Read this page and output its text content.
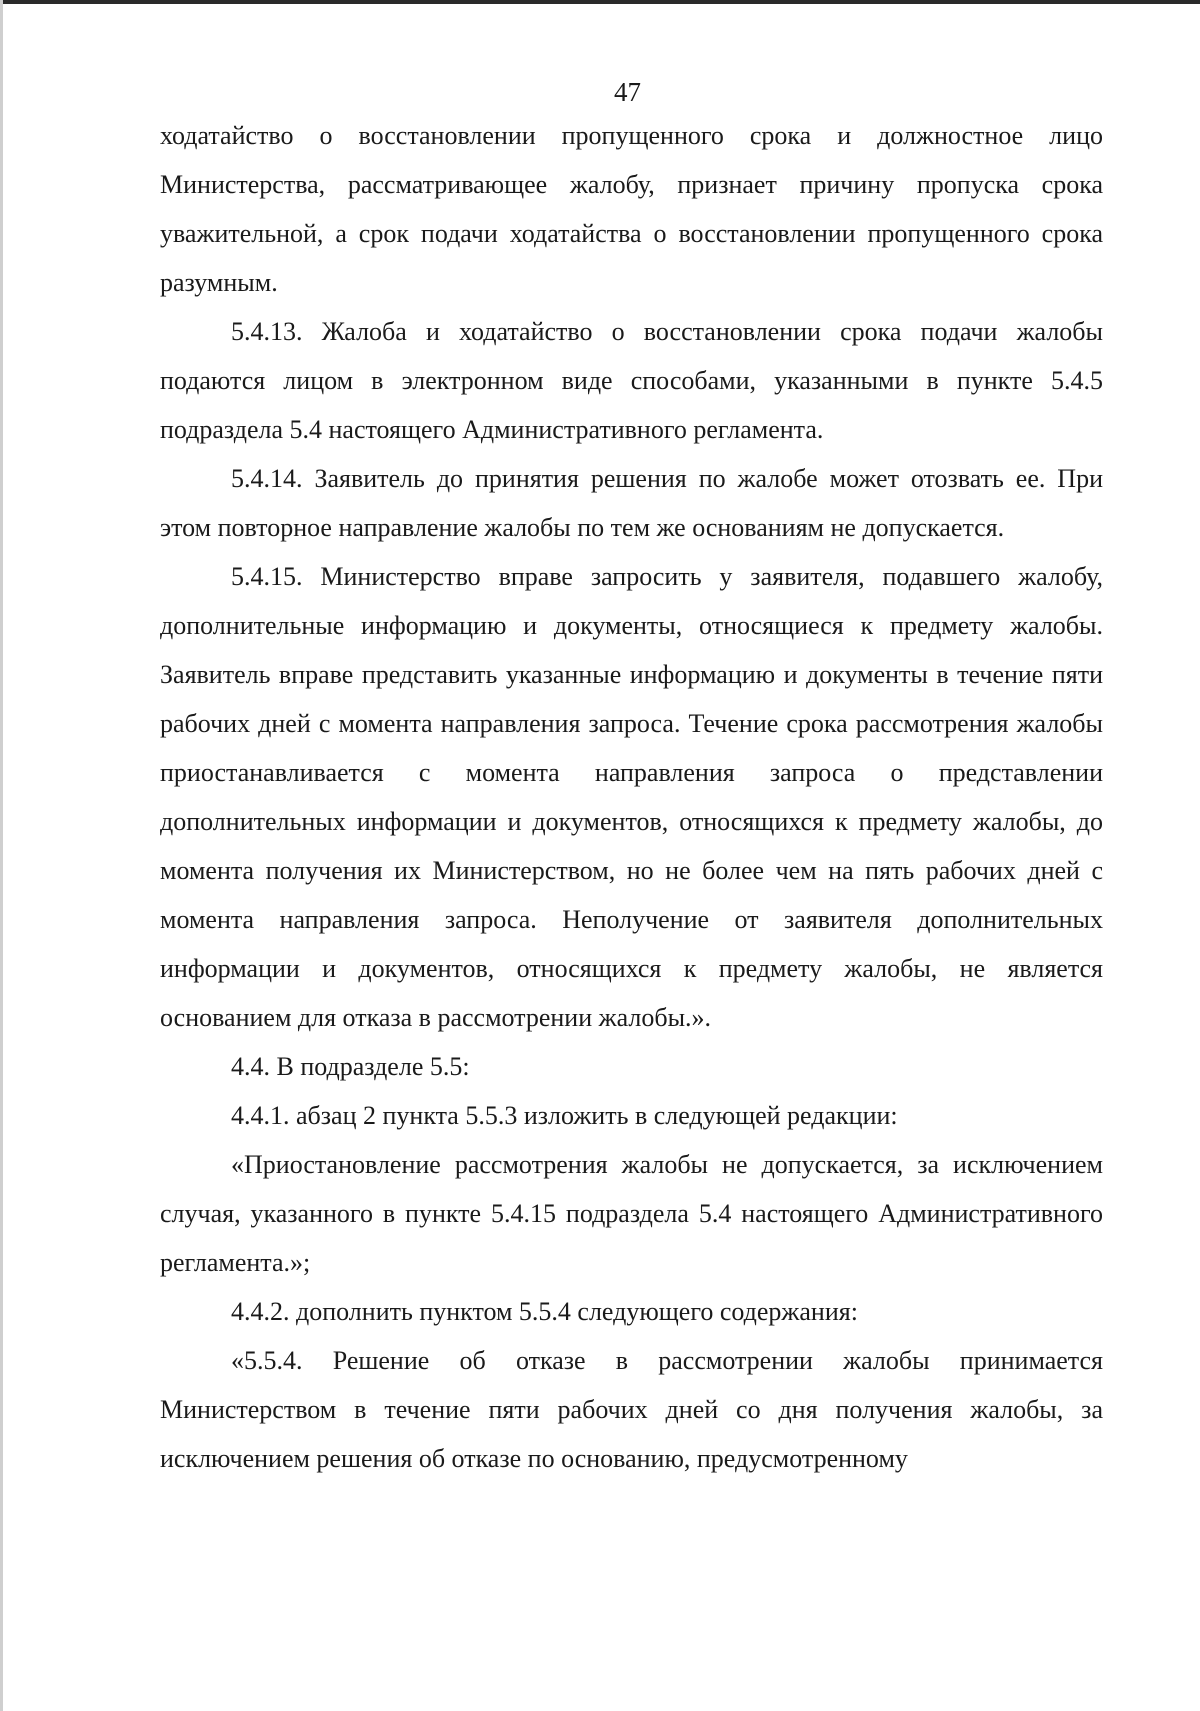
47

ходатайство о восстановлении пропущенного срока и должностное лицо Министерства, рассматривающее жалобу, признает причину пропуска срока уважительной, а срок подачи ходатайства о восстановлении пропущенного срока разумным.

5.4.13. Жалоба и ходатайство о восстановлении срока подачи жалобы подаются лицом в электронном виде способами, указанными в пункте 5.4.5 подраздела 5.4 настоящего Административного регламента.

5.4.14. Заявитель до принятия решения по жалобе может отозвать ее. При этом повторное направление жалобы по тем же основаниям не допускается.

5.4.15. Министерство вправе запросить у заявителя, подавшего жалобу, дополнительные информацию и документы, относящиеся к предмету жалобы. Заявитель вправе представить указанные информацию и документы в течение пяти рабочих дней с момента направления запроса. Течение срока рассмотрения жалобы приостанавливается с момента направления запроса о представлении дополнительных информации и документов, относящихся к предмету жалобы, до момента получения их Министерством, но не более чем на пять рабочих дней с момента направления запроса. Неполучение от заявителя дополнительных информации и документов, относящихся к предмету жалобы, не является основанием для отказа в рассмотрении жалобы.».

4.4. В подразделе 5.5:

4.4.1. абзац 2 пункта 5.5.3 изложить в следующей редакции:

«Приостановление рассмотрения жалобы не допускается, за исключением случая, указанного в пункте 5.4.15 подраздела 5.4 настоящего Административного регламента.»;

4.4.2. дополнить пунктом 5.5.4 следующего содержания:

«5.5.4. Решение об отказе в рассмотрении жалобы принимается Министерством в течение пяти рабочих дней со дня получения жалобы, за исключением решения об отказе по основанию, предусмотренному
